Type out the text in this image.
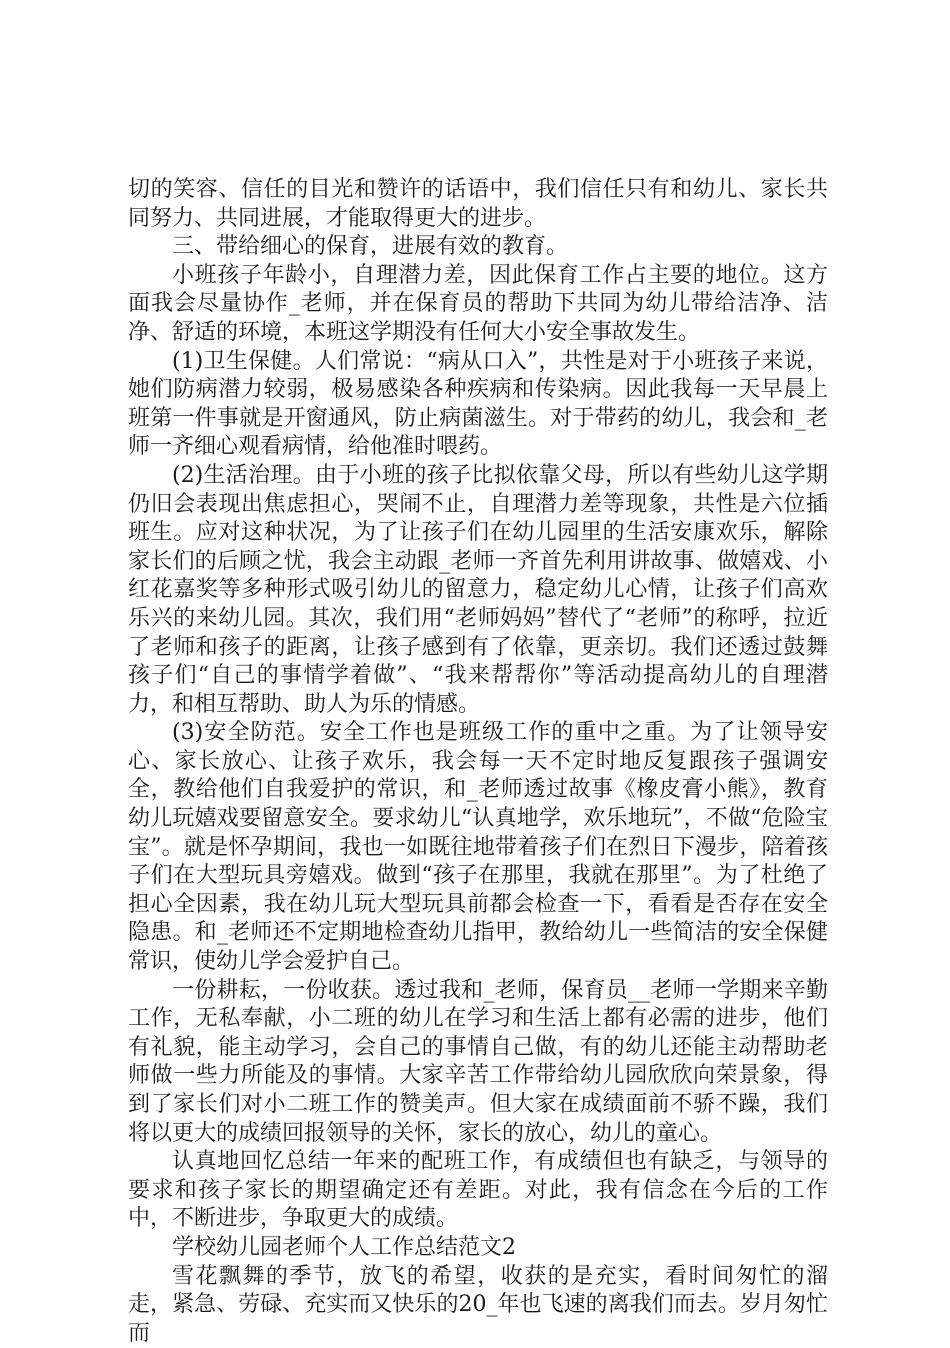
切的笑容、信任的目光和赞许的话语中，我们信任只有和幼儿、家长共同努力、共同进展，才能取得更大的进步。

三、带给细心的保育，进展有效的教育。

小班孩子年龄小，自理潜力差，因此保育工作占主要的地位。这方面我会尽量协作_老师，并在保育员的帮助下共同为幼儿带给洁净、洁净、舒适的环境，本班这学期没有任何大小安全事故发生。

(1)卫生保健。人们常说：“病从口入”，共性是对于小班孩子来说，她们防病潜力较弱，极易感染各种疾病和传染病。因此我每一天早晨上班第一件事就是开窗通风，防止病菌滋生。对于带药的幼儿，我会和_老师一齐细心观看病情，给他准时喂药。

(2)生活治理。由于小班的孩子比拟依靠父母，所以有些幼儿这学期仍旧会表现出焦虑担心，哭闹不止，自理潜力差等现象，共性是六位插班生。应对这种状况，为了让孩子们在幼儿园里的生活安康欢乐，解除家长们的后顾之忧，我会主动跟_老师一齐首先利用讲故事、做嬉戏、小红花嘉奖等多种形式吸引幼儿的留意力，稳定幼儿心情，让孩子们高欢乐兴的来幼儿园。其次，我们用“老师妈妈”替代了“老师”的称呼，拉近了老师和孩子的距离，让孩子感到有了依靠，更亲切。我们还透过鼓舞孩子们“自己的事情学着做”、“我来帮帮你”等活动提高幼儿的自理潜力，和相互帮助、助人为乐的情感。

(3)安全防范。安全工作也是班级工作的重中之重。为了让领导安心、家长放心、让孩子欢乐，我会每一天不定时地反复跟孩子强调安全，教给他们自我爱护的常识，和_老师透过故事《橡皮膏小熊》，教育幼儿玩嬉戏要留意安全。要求幼儿“认真地学，欢乐地玩”，不做“危险宝宝”。就是怀孕期间，我也一如既往地带着孩子们在烈日下漫步，陪着孩子们在大型玩具旁嬉戏。做到“孩子在那里，我就在那里”。为了杜绝了担心全因素，我在幼儿玩大型玩具前都会检查一下，看看是否存在安全隐患。和_老师还不定期地检查幼儿指甲，教给幼儿一些简洁的安全保健常识，使幼儿学会爱护自己。

一份耕耘，一份收获。透过我和_老师，保育员__老师一学期来辛勤工作，无私奉献，小二班的幼儿在学习和生活上都有必需的进步，他们有礼貌，能主动学习，会自己的事情自己做，有的幼儿还能主动帮助老师做一些力所能及的事情。大家辛苦工作带给幼儿园欣欣向荣景象，得到了家长们对小二班工作的赞美声。但大家在成绩面前不骄不躁，我们将以更大的成绩回报领导的关怀，家长的放心，幼儿的童心。

认真地回忆总结一年来的配班工作，有成绩但也有缺乏，与领导的要求和孩子家长的期望确定还有差距。对此，我有信念在今后的工作中，不断进步，争取更大的成绩。

学校幼儿园老师个人工作总结范文2

雪花飘舞的季节，放飞的希望，收获的是充实，看时间匆忙的溜走，紧急、劳碌、充实而又快乐的20_年也飞速的离我们而去。岁月匆忙而
